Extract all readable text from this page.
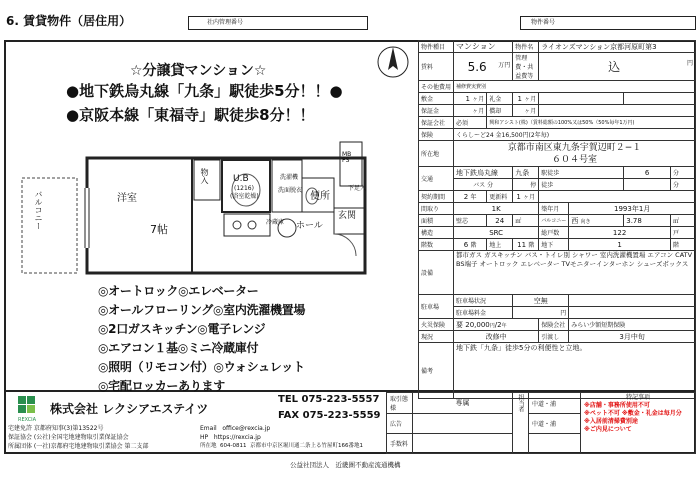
6. 賃貸物件（居住用）	社内管理番号	物件番号
☆分譲貸マンション☆
●地下鉄烏丸線「九条」駅徒歩5分！！●
●京阪本線「東福寺」駅徒歩8分！！
洋室
7帖
バルコニー
物入	U.B
(1216)
(浴室乾燥)
洗面脱衣
洗濯機
便所
下足入
玄関
ホール
MB PS
冷蔵庫
◎オートロック◎エレベーター
◎オールフローリング◎室内洗濯機置場
◎2口ガスキッチン◎電子レンジ
◎エアコン１基◎ミニ冷蔵庫付
◎照明（リモコン付）◎ウォシュレット
◎宅配ロッカーあります
物件種目	マンション		物件名	ライオンズマンション京都河原町第3			
賃料	5.6 万円		管理費・共益費等	込 円			

その他費用	補修費実費別						
敷金	1 ヶ月	礼金	1 ヶ月				
保証金	ヶ月	償却	ヶ月				
保証会社	必須	興和アシスト(株)（賃料総額の100%又は50%（50%毎年1万円)					
保険	くらしーど24 金16,500円(2年毎)						
所在地	京都市南区東九条宇賀辺町２−１
６０４号室						

交通	地下鉄烏丸線		九条	駅徒歩		6	分
	バス 分		停	徒歩			分
契約期間	2 年	更新料	1 ヶ月				
間取り	1K			築年月	1993年1月		
面積	壁芯	24	㎡	バルコニー	西 向き	3.78	㎡
構造	SRC			総戸数	122		戸
階数	6 階	地上	11 階	地下	1		階
設備	都市ガス ガスキッチン バス・トイレ別 シャワー 室内洗濯機置場 エアコン CATV BS端子 オートロック エレベーター TVモニターインターホン シューズボックス						
駐車場	駐車場状況		空無				
	駐車場料金		円				
火災保険	要 20,000円/2年			保険会社	みらい少額短期保険		
現況	改修中			引渡し	3月中旬		
備考	地下鉄「九条」徒歩5分の利便性と立地。						
REXCIA
株式会社 レクシアエステイツ
宅建免許 京都府知事(3)第13522号
保証協会 (公社)全国宅地建物取引業保証協会
所属団体 (一社)京都府宅地建物取引業協会 第二支部
TEL 075-223-5557
FAX 075-223-5559
Email office@rexcia.jp
HP https://rexcia.jp
所在地 604-0811 京都市中京区堀川通二条上る竹屋町166番地1
取引態様	専属	担当者	中道・浦	特記事項
※店舗・事務所使用不可
※ペット不可 ※敷金・礼金は毎月分
※入居前清掃費別途
※ご内見について

広告			中道・浦	
手数料				
公益社団法人　近畿圏不動産流通機構
